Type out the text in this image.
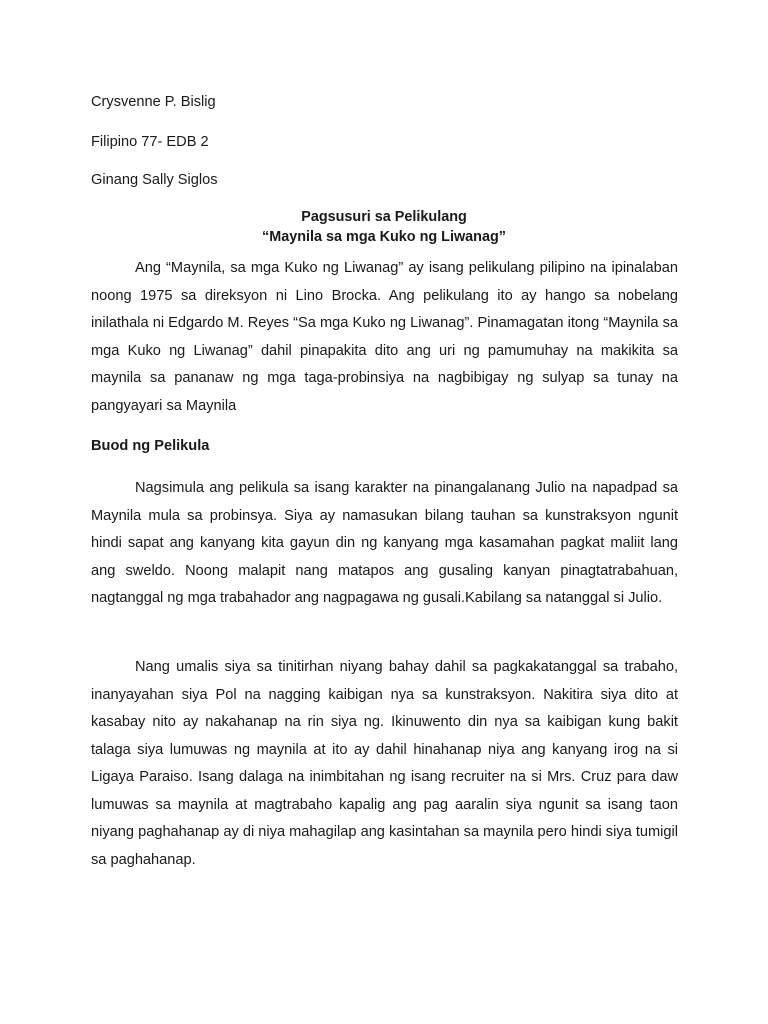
Crysvenne P. Bislig

Filipino 77- EDB 2

Ginang Sally Siglos

Pagsusuri sa Pelikulang
“Maynila sa mga Kuko ng Liwanag”

Ang “Maynila, sa mga Kuko ng Liwanag” ay isang pelikulang pilipino na ipinalaban noong 1975 sa direksyon ni Lino Brocka. Ang pelikulang ito ay hango sa nobelang inilathala ni Edgardo M. Reyes “Sa mga Kuko ng Liwanag”. Pinamagatan itong “Maynila sa mga Kuko ng Liwanag” dahil pinapakita dito ang uri ng pamumuhay na makikita sa maynila sa pananaw ng mga taga-probinsiya na nagbibigay ng sulyap sa tunay na pangyayari sa Maynila

Buod ng Pelikula

Nagsimula ang pelikula sa isang karakter na pinangalanang Julio na napadpad sa Maynila mula sa probinsya. Siya ay namasukan bilang tauhan sa kunstraksyon ngunit hindi sapat ang kanyang kita gayun din ng kanyang mga kasamahan pagkat maliit lang ang sweldo. Noong malapit nang matapos ang gusaling kanyan pinagtatrabahuan, nagtanggal ng mga trabahador ang nagpagawa ng gusali.Kabilang sa natanggal si Julio.

Nang umalis siya sa tinitirhan niyang bahay dahil sa pagkakatanggal sa trabaho, inanyayahan siya Pol na nagging kaibigan nya sa kunstraksyon. Nakitira siya dito at kasabay nito ay nakahanap na rin siya ng. Ikinuwento din nya sa kaibigan kung bakit talaga siya lumuwas ng maynila at ito ay dahil hinahanap niya ang kanyang irog na si Ligaya Paraiso. Isang dalaga na inimbitahan ng isang recruiter na si Mrs. Cruz para daw lumuwas sa maynila at magtrabaho kapalig ang pag aaralin siya ngunit sa isang taon niyang paghahanap ay di niya mahagilap ang kasintahan sa maynila pero hindi siya tumigil sa paghahanap.
